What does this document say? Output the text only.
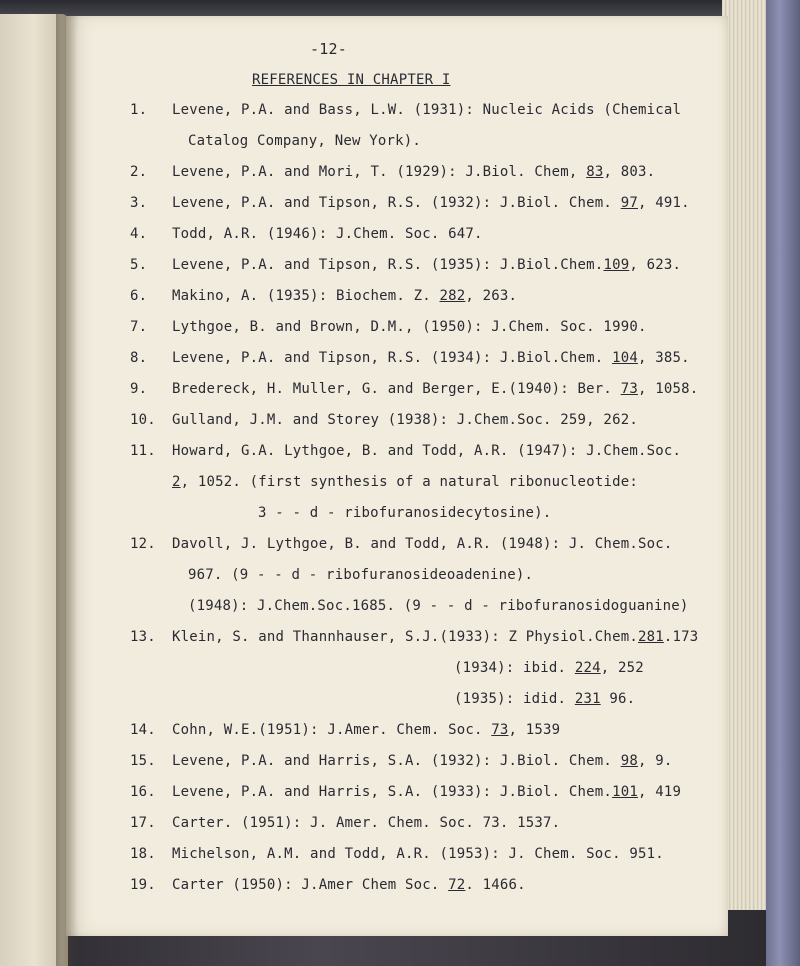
-12-
REFERENCES IN CHAPTER I
1. Levene, P.A. and Bass, L.W. (1931): Nucleic Acids (Chemical
Catalog Company, New York).
2. Levene, P.A. and Mori, T. (1929): J.Biol. Chem, 83, 803.
3. Levene, P.A. and Tipson, R.S. (1932): J.Biol. Chem. 97, 491.
4. Todd, A.R. (1946): J.Chem. Soc. 647.
5. Levene, P.A. and Tipson, R.S. (1935): J.Biol.Chem.109, 623.
6. Makino, A. (1935): Biochem. Z. 282, 263.
7. Lythgoe, B. and Brown, D.M., (1950): J.Chem. Soc. 1990.
8. Levene, P.A. and Tipson, R.S. (1934): J.Biol.Chem. 104, 385.
9. Bredereck, H. Muller, G. and Berger, E.(1940): Ber. 73, 1058.
10. Gulland, J.M. and Storey (1938): J.Chem.Soc. 259, 262.
11. Howard, G.A. Lythgoe, B. and Todd, A.R. (1947): J.Chem.Soc.
2, 1052. (first synthesis of a natural ribonucleotide:
3 - - d - ribofuranosidecytosine).
12. Davoll, J. Lythgoe, B. and Todd, A.R. (1948): J. Chem.Soc.
967. (9 - - d - ribofuranosideoadenine).
(1948): J.Chem.Soc.1685. (9 - - d - ribofuranosidoguanine)
13. Klein, S. and Thannhauser, S.J.(1933): Z Physiol.Chem.281.173
(1934): ibid. 224, 252
(1935): idid. 231 96.
14. Cohn, W.E.(1951): J.Amer. Chem. Soc. 73, 1539
15. Levene, P.A. and Harris, S.A. (1932): J.Biol. Chem. 98, 9.
16. Levene, P.A. and Harris, S.A. (1933): J.Biol. Chem.101, 419
17. Carter. (1951): J. Amer. Chem. Soc. 73. 1537.
18. Michelson, A.M. and Todd, A.R. (1953): J. Chem. Soc. 951.
19. Carter (1950): J.Amer Chem Soc. 72. 1466.
